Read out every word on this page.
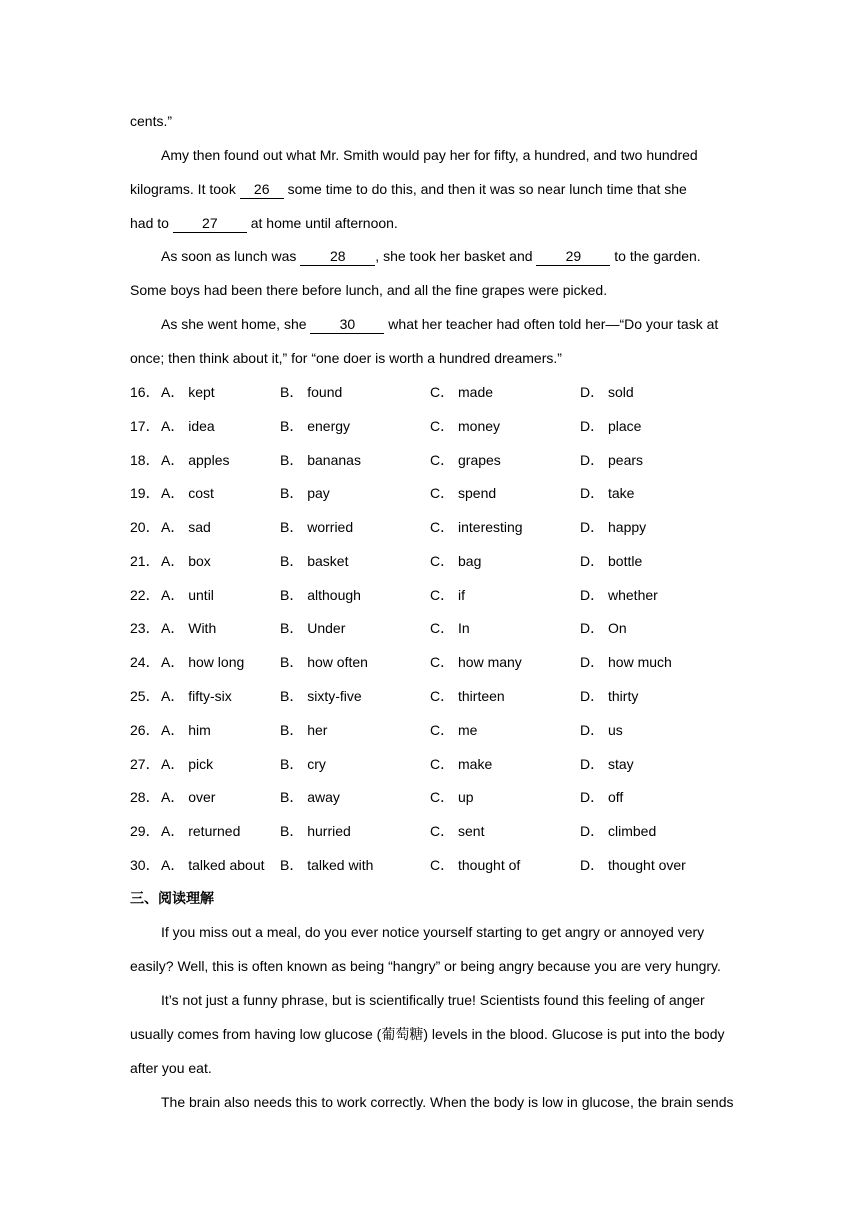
cents.”
Amy then found out what Mr. Smith would pay her for fifty, a hundred, and two hundred
kilograms. It took 26 some time to do this, and then it was so near lunch time that she
had to 27 at home until afternoon.
As soon as lunch was 28 , she took her basket and 29 to the garden.
Some boys had been there before lunch, and all the fine grapes were picked.
As she went home, she 30 what her teacher had often told her—“Do your task at
once; then think about it,” for “one doer is worth a hundred dreamers.”
16． A． kept	B． found	C． made	D． sold
17． A． idea	B． energy	C． money	D． place
18． A． apples	B． bananas	C． grapes	D． pears
19． A． cost	B． pay	C． spend	D． take
20． A． sad	B． worried	C． interesting	D． happy
21． A． box	B． basket	C． bag	D． bottle
22． A． until	B． although	C． if	D． whether
23． A． With	B． Under	C． In	D． On
24． A． how long	B． how often	C． how many	D． how much
25． A． fifty-six	B． sixty-five	C． thirteen	D． thirty
26． A． him	B． her	C． me	D． us
27． A． pick	B． cry	C． make	D． stay
28． A． over	B． away	C． up	D． off
29． A． returned	B． hurried	C． sent	D． climbed
30． A． talked about B． talked with	C． thought of	D． thought over
三、阅读理解
If you miss out a meal, do you ever notice yourself starting to get angry or annoyed very
easily? Well, this is often known as being “hangry” or being angry because you are very hungry.
It’s not just a funny phrase, but is scientifically true! Scientists found this feeling of anger
usually comes from having low glucose (葡萄糖) levels in the blood. Glucose is put into the body
after you eat.
The brain also needs this to work correctly. When the body is low in glucose, the brain sends
